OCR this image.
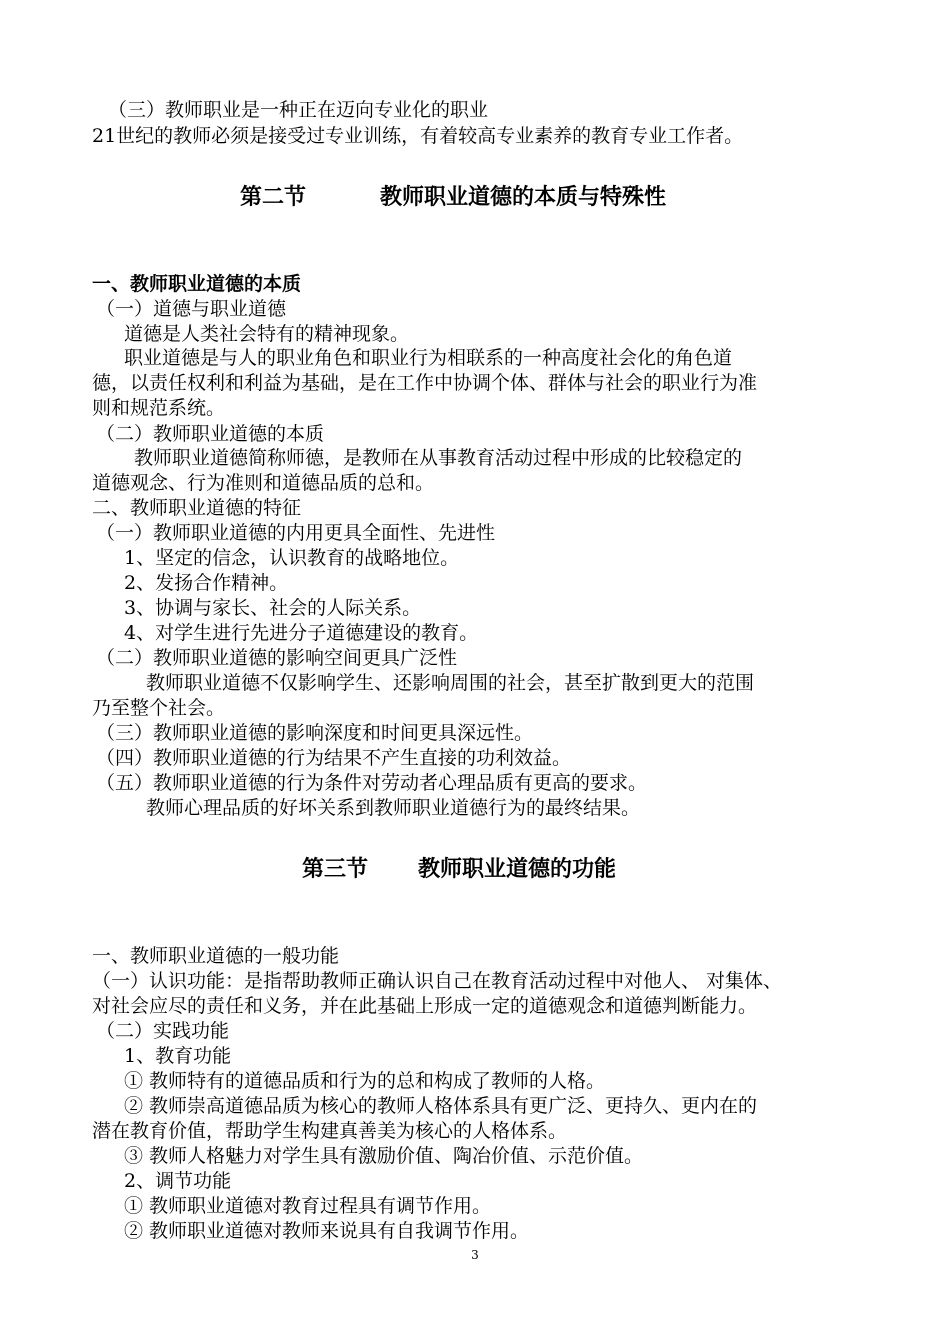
（三）教师职业是一种正在迈向专业化的职业
21世纪的教师必须是接受过专业训练，有着较高专业素养的教育专业工作者。
第二节	教师职业道德的本质与特殊性
一、教师职业道德的本质
（一）道德与职业道德
道德是人类社会特有的精神现象。
职业道德是与人的职业角色和职业行为相联系的一种高度社会化的角色道
德，以责任权利和利益为基础，是在工作中协调个体、群体与社会的职业行为准
则和规范系统。
（二）教师职业道德的本质
教师职业道德简称师德，是教师在从事教育活动过程中形成的比较稳定的
道德观念、行为准则和道德品质的总和。
二、教师职业道德的特征
（一）教师职业道德的内用更具全面性、先进性
1、坚定的信念，认识教育的战略地位。
2、发扬合作精神。
3、协调与家长、社会的人际关系。
4、对学生进行先进分子道德建设的教育。
（二）教师职业道德的影响空间更具广泛性
教师职业道德不仅影响学生、还影响周围的社会，甚至扩散到更大的范围
乃至整个社会。
（三）教师职业道德的影响深度和时间更具深远性。
（四）教师职业道德的行为结果不产生直接的功利效益。
（五）教师职业道德的行为条件对劳动者心理品质有更高的要求。
教师心理品质的好坏关系到教师职业道德行为的最终结果。
第三节 教师职业道德的功能
一、教师职业道德的一般功能
（一）认识功能：是指帮助教师正确认识自己在教育活动过程中对他人、 对集体、
对社会应尽的责任和义务，并在此基础上形成一定的道德观念和道德判断能力。
（二）实践功能
1、教育功能
① 教师特有的道德品质和行为的总和构成了教师的人格。
② 教师崇高道德品质为核心的教师人格体系具有更广泛、更持久、更内在的
潜在教育价值，帮助学生构建真善美为核心的人格体系。
③ 教师人格魅力对学生具有激励价值、陶冶价值、示范价值。
2、调节功能
① 教师职业道德对教育过程具有调节作用。
② 教师职业道德对教师来说具有自我调节作用。
3
